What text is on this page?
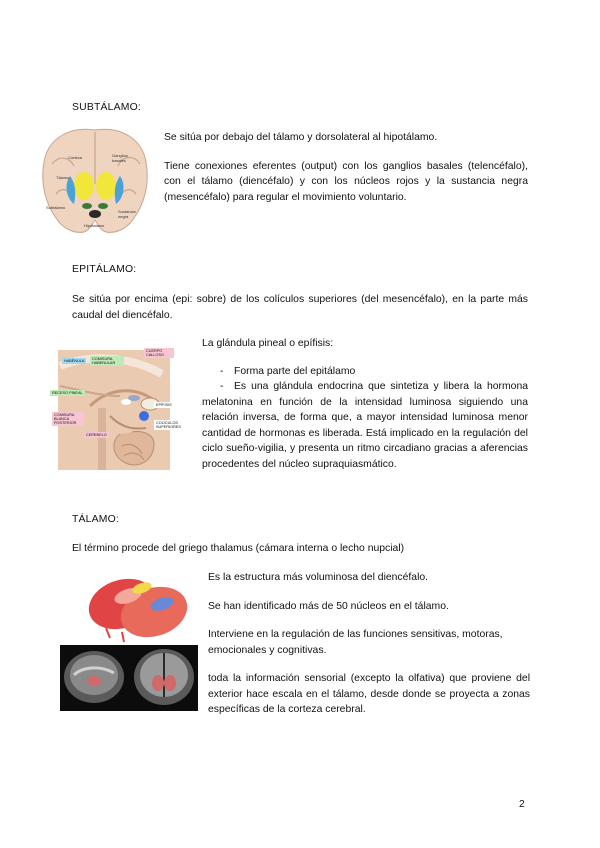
SUBTÁLAMO:
Corteza	Ganglios basales
Tálamo
Subtálamo
Sustancia negra
Hipotálamo
Se sitúa por debajo del tálamo y dorsolateral al hipotálamo.
Tiene conexiones eferentes (output) con los ganglios basales (telencéfalo), con el tálamo (diencéfalo) y con los núcleos rojos y la sustancia negra (mesencéfalo) para regular el movimiento voluntario.
EPITÁLAMO:
Se sitúa por encima (epi: sobre) de los colículos superiores (del mesencéfalo), en la parte más caudal del diencéfalo.
HABÉNULA	COMISURA HABENULAR
CUERPO CALLOSO
RECESO PINEAL
EPÍFISIS
COMISURA BLANCA POSTERIOR	COLÍCULOS SUPERIORES
CEREBELO
La glándula pineal o epífisis:
- Forma parte del epitálamo
- Es una glándula endocrina que sintetiza y libera la hormona melatonina en función de la intensidad luminosa siguiendo una relación inversa, de forma que, a mayor intensidad luminosa menor cantidad de hormonas es liberada. Está implicado en la regulación del ciclo sueño-vigilia, y presenta un ritmo circadiano gracias a aferencias procedentes del núcleo supraquiasmático.
TÁLAMO:
El término procede del griego thalamus (cámara interna o lecho nupcial)
Es la estructura más voluminosa del diencéfalo.
Se han identificado más de 50 núcleos en el tálamo.
Interviene en la regulación de las funciones sensitivas, motoras, emocionales y cognitivas.
toda la información sensorial (excepto la olfativa) que proviene del exterior hace escala en el tálamo, desde donde se proyecta a zonas específicas de la corteza cerebral.
2
